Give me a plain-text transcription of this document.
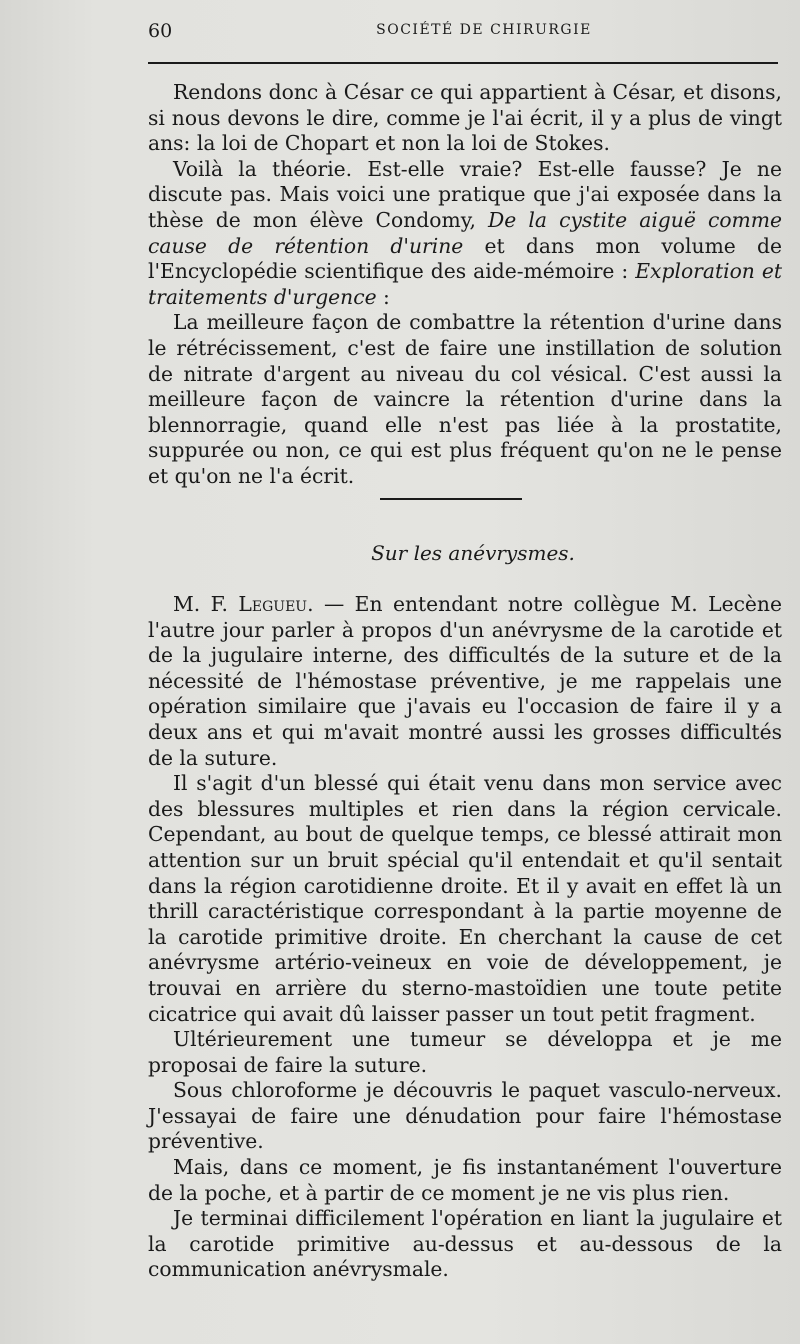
60	SOCIÉTÉ DE CHIRURGIE

Rendons donc à César ce qui appartient à César, et disons, si nous devons le dire, comme je l'ai écrit, il y a plus de vingt ans: la loi de Chopart et non la loi de Stokes.

Voilà la théorie. Est-elle vraie? Est-elle fausse? Je ne discute pas. Mais voici une pratique que j'ai exposée dans la thèse de mon élève Condomy, De la cystite aiguë comme cause de rétention d'urine et dans mon volume de l'Encyclopédie scientifique des aide-mémoire : Exploration et traitements d'urgence :

La meilleure façon de combattre la rétention d'urine dans le rétrécissement, c'est de faire une instillation de solution de nitrate d'argent au niveau du col vésical. C'est aussi la meilleure façon de vaincre la rétention d'urine dans la blennorragie, quand elle n'est pas liée à la prostatite, suppurée ou non, ce qui est plus fréquent qu'on ne le pense et qu'on ne l'a écrit.

Sur les anévrysmes.

M. F. Legueu. — En entendant notre collègue M. Lecène l'autre jour parler à propos d'un anévrysme de la carotide et de la jugulaire interne, des difficultés de la suture et de la nécessité de l'hémostase préventive, je me rappelais une opération similaire que j'avais eu l'occasion de faire il y a deux ans et qui m'avait montré aussi les grosses difficultés de la suture.

Il s'agit d'un blessé qui était venu dans mon service avec des blessures multiples et rien dans la région cervicale. Cependant, au bout de quelque temps, ce blessé attirait mon attention sur un bruit spécial qu'il entendait et qu'il sentait dans la région carotidienne droite. Et il y avait en effet là un thrill caractéristique correspondant à la partie moyenne de la carotide primitive droite. En cherchant la cause de cet anévrysme artério-veineux en voie de développement, je trouvai en arrière du sterno-mastoïdien une toute petite cicatrice qui avait dû laisser passer un tout petit fragment.

Ultérieurement une tumeur se développa et je me proposai de faire la suture.

Sous chloroforme je découvris le paquet vasculo-nerveux. J'essayai de faire une dénudation pour faire l'hémostase préventive.

Mais, dans ce moment, je fis instantanément l'ouverture de la poche, et à partir de ce moment je ne vis plus rien.

Je terminai difficilement l'opération en liant la jugulaire et la carotide primitive au-dessus et au-dessous de la communication anévrysmale.
